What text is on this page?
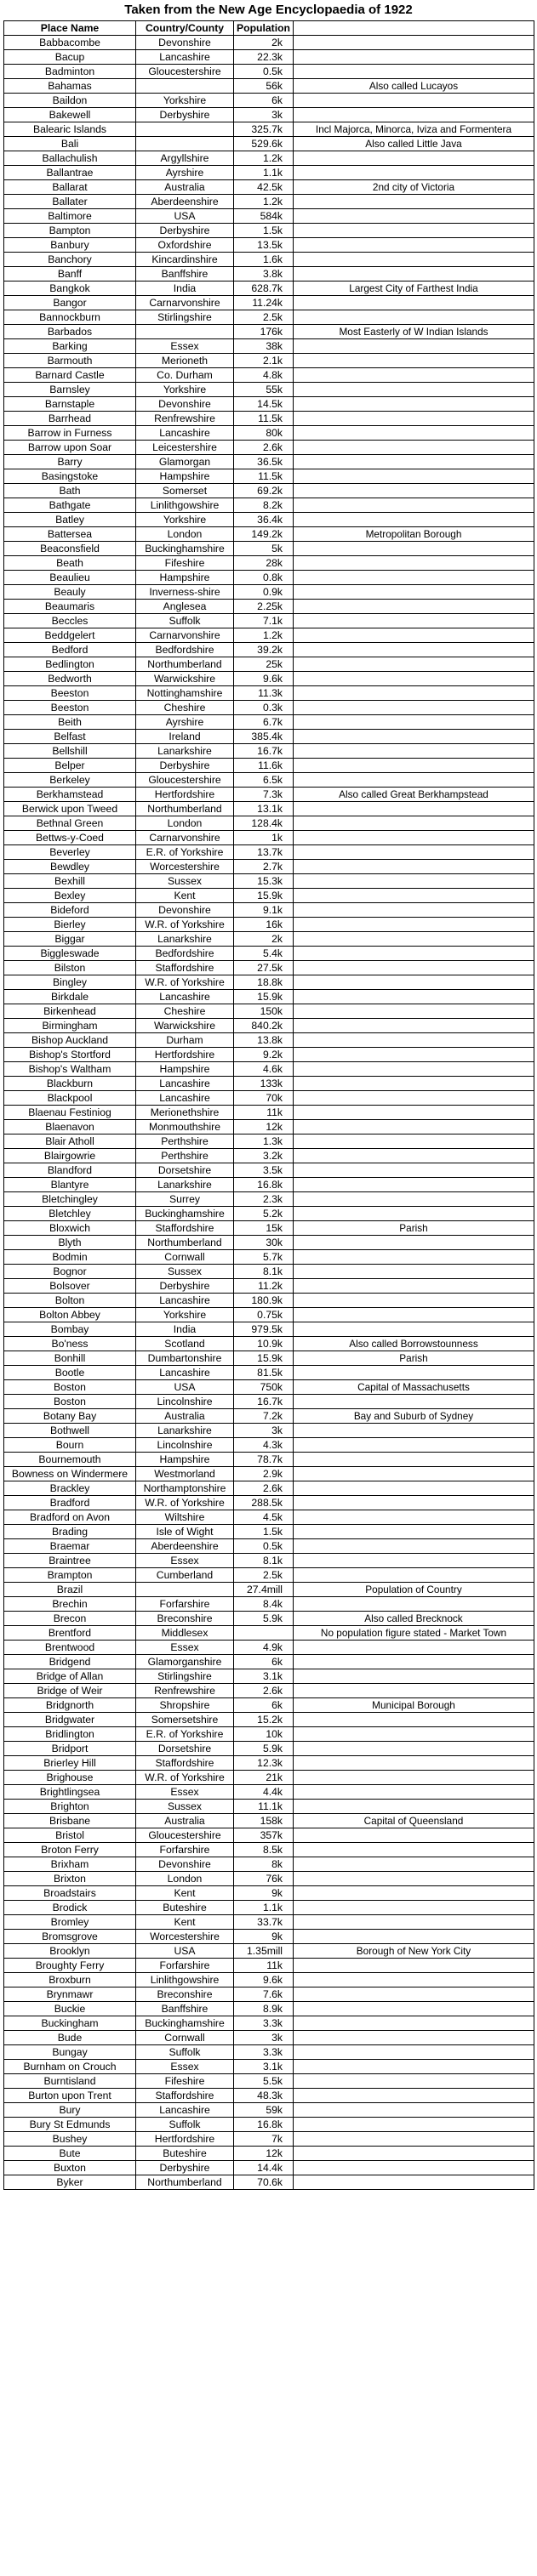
Taken from the New Age Encyclopaedia of 1922
Place Name	Country/County	Population	
Babbacombe	Devonshire	2k	
Bacup	Lancashire	22.3k	
Badminton	Gloucestershire	0.5k	
Bahamas		56k	Also called Lucayos
Baildon	Yorkshire	6k	
Bakewell	Derbyshire	3k	
Balearic Islands		325.7k	Incl Majorca, Minorca, Iviza and Formentera
Bali		529.6k	Also called Little Java
Ballachulish	Argyllshire	1.2k	
Ballantrae	Ayrshire	1.1k	
Ballarat	Australia	42.5k	2nd city of Victoria
Ballater	Aberdeenshire	1.2k	
Baltimore	USA	584k	
Bampton	Derbyshire	1.5k	
Banbury	Oxfordshire	13.5k	
Banchory	Kincardinshire	1.6k	
Banff	Banffshire	3.8k	
Bangkok	India	628.7k	Largest City of Farthest India
Bangor	Carnarvonshire	11.24k	
Bannockburn	Stirlingshire	2.5k	
Barbados		176k	Most Easterly of W Indian Islands
Barking	Essex	38k	
Barmouth	Merioneth	2.1k	
Barnard Castle	Co. Durham	4.8k	
Barnsley	Yorkshire	55k	
Barnstaple	Devonshire	14.5k	
Barrhead	Renfrewshire	11.5k	
Barrow in Furness	Lancashire	80k	
Barrow upon Soar	Leicestershire	2.6k	
Barry	Glamorgan	36.5k	
Basingstoke	Hampshire	11.5k	
Bath	Somerset	69.2k	
Bathgate	Linlithgowshire	8.2k	
Batley	Yorkshire	36.4k	
Battersea	London	149.2k	Metropolitan Borough
Beaconsfield	Buckinghamshire	5k	
Beath	Fifeshire	28k	
Beaulieu	Hampshire	0.8k	
Beauly	Inverness-shire	0.9k	
Beaumaris	Anglesea	2.25k	
Beccles	Suffolk	7.1k	
Beddgelert	Carnarvonshire	1.2k	
Bedford	Bedfordshire	39.2k	
Bedlington	Northumberland	25k	
Bedworth	Warwickshire	9.6k	
Beeston	Nottinghamshire	11.3k	
Beeston	Cheshire	0.3k	
Beith	Ayrshire	6.7k	
Belfast	Ireland	385.4k	
Bellshill	Lanarkshire	16.7k	
Belper	Derbyshire	11.6k	
Berkeley	Gloucestershire	6.5k	
Berkhamstead	Hertfordshire	7.3k	Also called Great Berkhampstead
Berwick upon Tweed	Northumberland	13.1k	
Bethnal Green	London	128.4k	
Bettws-y-Coed	Carnarvonshire	1k	
Beverley	E.R. of Yorkshire	13.7k	
Bewdley	Worcestershire	2.7k	
Bexhill	Sussex	15.3k	
Bexley	Kent	15.9k	
Bideford	Devonshire	9.1k	
Bierley	W.R. of Yorkshire	16k	
Biggar	Lanarkshire	2k	
Biggleswade	Bedfordshire	5.4k	
Bilston	Staffordshire	27.5k	
Bingley	W.R. of Yorkshire	18.8k	
Birkdale	Lancashire	15.9k	
Birkenhead	Cheshire	150k	
Birmingham	Warwickshire	840.2k	
Bishop Auckland	Durham	13.8k	
Bishop's Stortford	Hertfordshire	9.2k	
Bishop's Waltham	Hampshire	4.6k	
Blackburn	Lancashire	133k	
Blackpool	Lancashire	70k	
Blaenau Festiniog	Merionethshire	11k	
Blaenavon	Monmouthshire	12k	
Blair Atholl	Perthshire	1.3k	
Blairgowrie	Perthshire	3.2k	
Blandford	Dorsetshire	3.5k	
Blantyre	Lanarkshire	16.8k	
Bletchingley	Surrey	2.3k	
Bletchley	Buckinghamshire	5.2k	
Bloxwich	Staffordshire	15k	Parish
Blyth	Northumberland	30k	
Bodmin	Cornwall	5.7k	
Bognor	Sussex	8.1k	
Bolsover	Derbyshire	11.2k	
Bolton	Lancashire	180.9k	
Bolton Abbey	Yorkshire	0.75k	
Bombay	India	979.5k	
Bo'ness	Scotland	10.9k	Also called Borrowstounness
Bonhill	Dumbartonshire	15.9k	Parish
Bootle	Lancashire	81.5k	
Boston	USA	750k	Capital of Massachusetts
Boston	Lincolnshire	16.7k	
Botany Bay	Australia	7.2k	Bay and Suburb of Sydney
Bothwell	Lanarkshire	3k	
Bourn	Lincolnshire	4.3k	
Bournemouth	Hampshire	78.7k	
Bowness on Windermere	Westmorland	2.9k	
Brackley	Northamptonshire	2.6k	
Bradford	W.R. of Yorkshire	288.5k	
Bradford on Avon	Wiltshire	4.5k	
Brading	Isle of Wight	1.5k	
Braemar	Aberdeenshire	0.5k	
Braintree	Essex	8.1k	
Brampton	Cumberland	2.5k	
Brazil		27.4mill	Population of Country
Brechin	Forfarshire	8.4k	
Brecon	Breconshire	5.9k	Also called Brecknock
Brentford	Middlesex		No population figure stated - Market Town
Brentwood	Essex	4.9k	
Bridgend	Glamorganshire	6k	
Bridge of Allan	Stirlingshire	3.1k	
Bridge of Weir	Renfrewshire	2.6k	
Bridgnorth	Shropshire	6k	Municipal Borough
Bridgwater	Somersetshire	15.2k	
Bridlington	E.R. of Yorkshire	10k	
Bridport	Dorsetshire	5.9k	
Brierley Hill	Staffordshire	12.3k	
Brighouse	W.R. of Yorkshire	21k	
Brightlingsea	Essex	4.4k	
Brighton	Sussex	11.1k	
Brisbane	Australia	158k	Capital of Queensland
Bristol	Gloucestershire	357k	
Broton Ferry	Forfarshire	8.5k	
Brixham	Devonshire	8k	
Brixton	London	76k	
Broadstairs	Kent	9k	
Brodick	Buteshire	1.1k	
Bromley	Kent	33.7k	
Bromsgrove	Worcestershire	9k	
Brooklyn	USA	1.35mill	Borough of New York City
Broughty Ferry	Forfarshire	11k	
Broxburn	Linlithgowshire	9.6k	
Brynmawr	Breconshire	7.6k	
Buckie	Banffshire	8.9k	
Buckingham	Buckinghamshire	3.3k	
Bude	Cornwall	3k	
Bungay	Suffolk	3.3k	
Burnham on Crouch	Essex	3.1k	
Burntisland	Fifeshire	5.5k	
Burton upon Trent	Staffordshire	48.3k	
Bury	Lancashire	59k	
Bury St Edmunds	Suffolk	16.8k	
Bushey	Hertfordshire	7k	
Bute	Buteshire	12k	
Buxton	Derbyshire	14.4k	
Byker	Northumberland	70.6k	
